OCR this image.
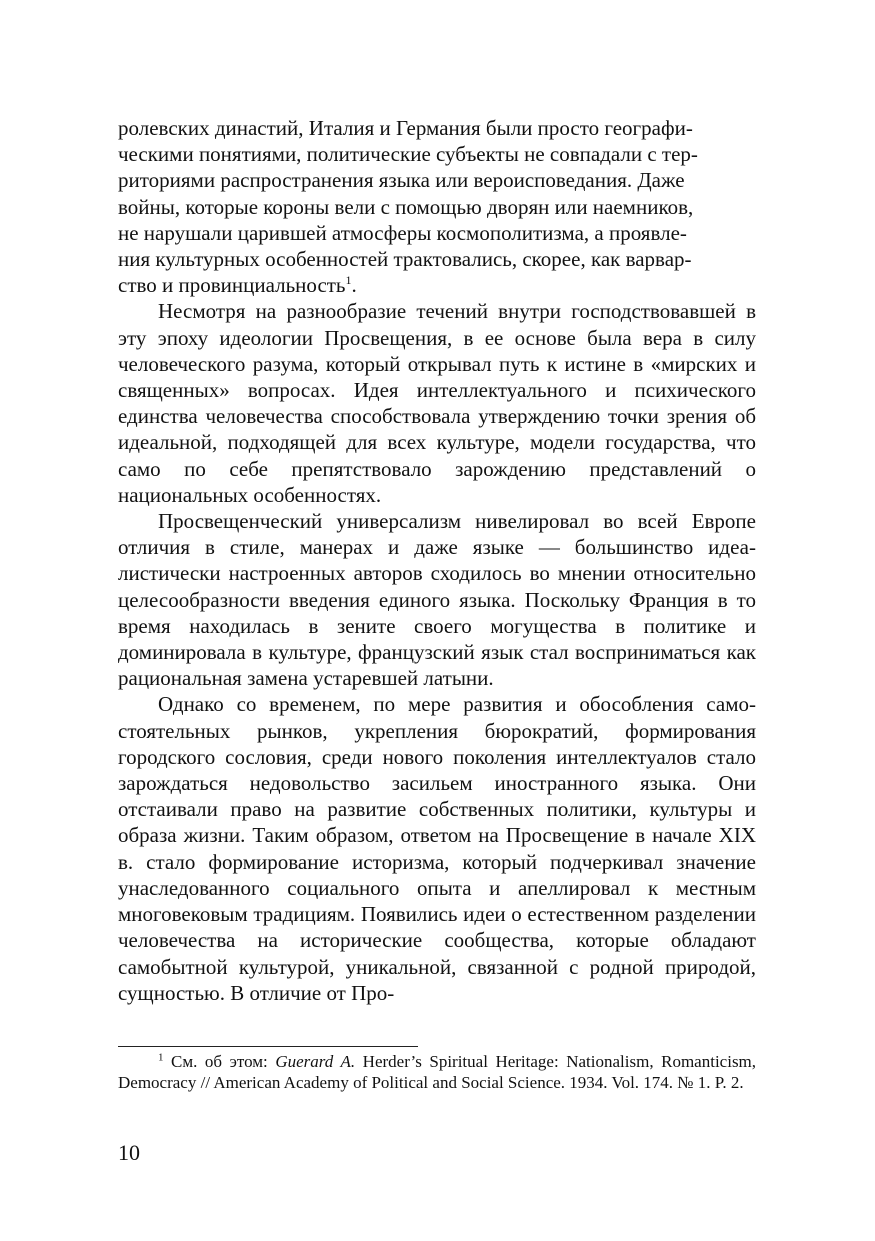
ролевских династий, Италия и Германия были просто географи-
ческими понятиями, политические субъекты не совпадали с тер-
риториями распространения языка или вероисповедания. Даже
войны, которые короны вели с помощью дворян или наемников,
не нарушали царившей атмосферы космополитизма, а проявле-
ния культурных особенностей трактовались, скорее, как варвар-
ство и провинциальность$^1$.

Несмотря на разнообразие течений внутри господствовавшей в эту эпоху идеологии Просвещения, в ее основе была вера в силу человеческого разума, который открывал путь к истине в «мирских и священных» вопросах. Идея интеллектуального и психического единства человечества способствовала утверждению точки зрения об идеальной, подходящей для всех культуре, модели государства, что само по себе препятствовало зарождению представлений о национальных особенностях.

Просвещенческий универсализм нивелировал во всей Европе отличия в стиле, манерах и даже языке — большинство идеалистически настроенных авторов сходилось во мнении относительно целесообразности введения единого языка. Поскольку Франция в то время находилась в зените своего могущества в политике и доминировала в культуре, французский язык стал восприниматься как рациональная замена устаревшей латыни.

Однако со временем, по мере развития и обособления самостоятельных рынков, укрепления бюрократий, формирования городского сословия, среди нового поколения интеллектуалов стало зарождаться недовольство засильем иностранного языка. Они отстаивали право на развитие собственных политики, культуры и образа жизни. Таким образом, ответом на Просвещение в начале XIX в. стало формирование историзма, который подчеркивал значение унаследованного социального опыта и апеллировал к местным многовековым традициям. Появились идеи о естественном разделении человечества на исторические сообщества, которые обладают самобытной культурой, уникальной, связанной с родной природой, сущностью. В отличие от Про-

$^1$ См. об этом: Guerard A. Herder’s Spiritual Heritage: Nationalism, Romanticism, Democracy // American Academy of Political and Social Science. 1934. Vol. 174. № 1. P. 2.

10
